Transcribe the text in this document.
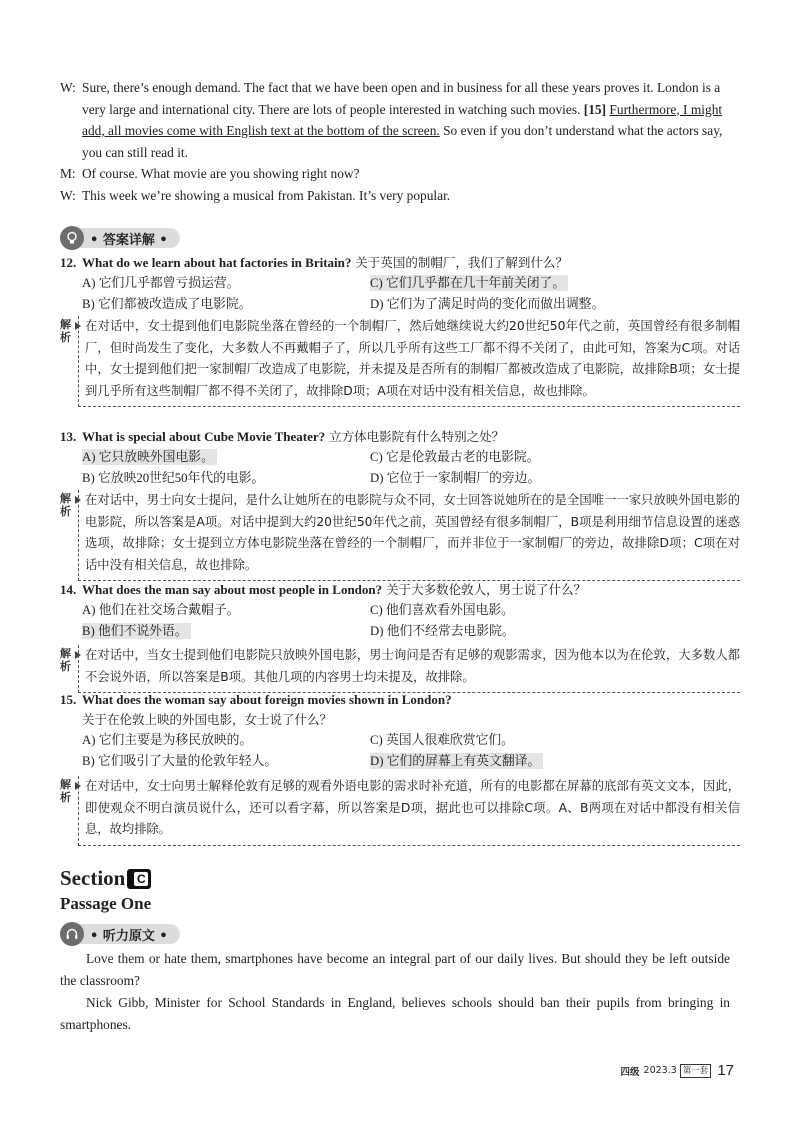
W: Sure, there’s enough demand. The fact that we have been open and in business for all these years proves it. London is a very large and international city. There are lots of people interested in watching such movies. [15] Furthermore, I might add, all movies come with English text at the bottom of the screen. So even if you don’t understand what the actors say, you can still read it.
M: Of course. What movie are you showing right now?
W: This week we’re showing a musical from Pakistan. It’s very popular.
• 答案详解 •
12. What do we learn about hat factories in Britain? 关于英国的制帽厂，我们了解到什么？
A) 它们几乎都曾亏损运营。	C) 它们几乎都在几十年前关闭了。
B) 它们都被改造成了电影院。	D) 它们为了满足时尚的变化而做出调整。
解析
在对话中，女士提到他们电影院坐落在曾经的一个制帽厂，然后她继续说大约20世纪50年代之前，英国曾经有很多制帽厂，但时尚发生了变化，大多数人不再戴帽子了，所以几乎所有这些工厂都不得不关闭了，由此可知，答案为C项。对话中，女士提到他们把一家制帽厂改造成了电影院，并未提及是否所有的制帽厂都被改造成了电影院，故排除B项；女士提到几乎所有这些制帽厂都不得不关闭了，故排除D项；A项在对话中没有相关信息，故也排除。
13. What is special about Cube Movie Theater? 立方体电影院有什么特别之处？
A) 它只放映外国电影。	C) 它是伦敦最古老的电影院。
B) 它放映20世纪50年代的电影。	D) 它位于一家制帽厂的旁边。
解析
在对话中，男士向女士提问，是什么让她所在的电影院与众不同，女士回答说她所在的是全国唯一一家只放映外国电影的电影院，所以答案是A项。对话中提到大约20世纪50年代之前，英国曾经有很多制帽厂，B项是利用细节信息设置的迷惑选项，故排除；女士提到立方体电影院坐落在曾经的一个制帽厂，而并非位于一家制帽厂的旁边，故排除D项；C项在对话中没有相关信息，故也排除。
14. What does the man say about most people in London? 关于大多数伦敦人，男士说了什么？
A) 他们在社交场合戴帽子。	C) 他们喜欢看外国电影。
B) 他们不说外语。	D) 他们不经常去电影院。
解析
在对话中，当女士提到他们电影院只放映外国电影，男士询问是否有足够的观影需求，因为他本以为在伦敦，大多数人都不会说外语，所以答案是B项。其他几项的内容男士均未提及，故排除。
15. What does the woman say about foreign movies shown in London?
关于在伦敦上映的外国电影，女士说了什么？
A) 它们主要是为移民放映的。	C) 英国人很难欣赏它们。
B) 它们吸引了大量的伦敦年轻人。	D) 它们的屏幕上有英文翻译。
解析
在对话中，女士向男士解释伦敦有足够的观看外语电影的需求时补充道，所有的电影都在屏幕的底部有英文文本，因此，即使观众不明白演员说什么，还可以看字幕，所以答案是D项，据此也可以排除C项。A、B两项在对话中都没有相关信息，故均排除。
Section C
Passage One
• 听力原文 •
Love them or hate them, smartphones have become an integral part of our daily lives. But should they be left outside the classroom?
Nick Gibb, Minister for School Standards in England, believes schools should ban their pupils from bringing in smartphones.
四级 2023.3 第一套 17
